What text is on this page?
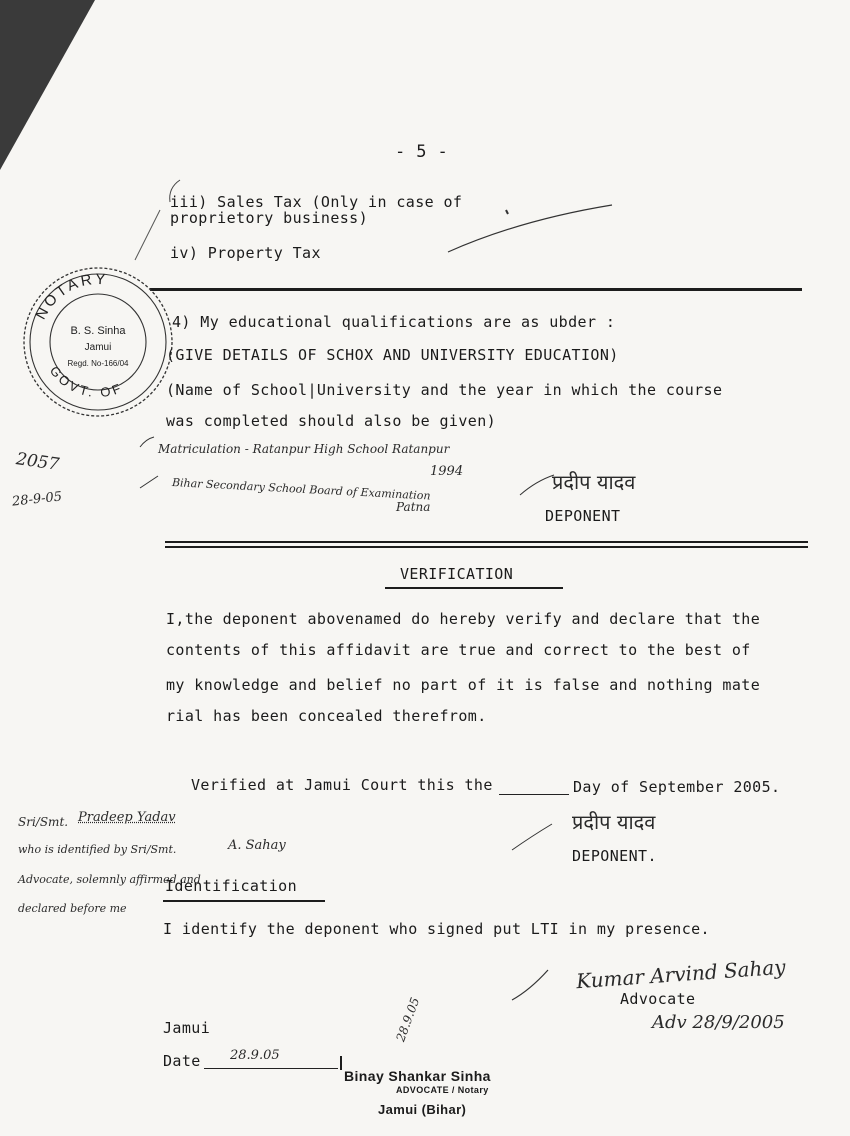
- 5 -
iii) Sales Tax (Only in case of
proprietory business)
iv) Property Tax
NOTARY
GOVT. OF
B. S. Sinha
Jamui
Regd. No-166/04
4) My educational qualifications are as ubder :
(GIVE DETAILS OF SCHOX AND UNIVERSITY EDUCATION)
(Name of School|University and the year in which the course
was completed should also be given)
Matriculation - Ratanpur High School Ratanpur
Bihar Secondary School Board of Examination
1994
Patna
2057
28-9-05
प्रदीप यादव
DEPONENT
VERIFICATION
I,the deponent abovenamed do hereby verify and declare that the
contents of this affidavit are true and correct to the best of
my knowledge and belief no part of it is false and nothing mate
rial has been concealed therefrom.
Verified at Jamui Court this the	Day of September 2005.
Sri/Smt. Pradeep Yadav
who is identified by Sri/Smt.	A. Sahay
Advocate, solemnly affirmed and
declared before me
प्रदीप यादव
DEPONENT.
Identification
I identify the deponent who signed put LTI in my presence.
Kumar Arvind Sahay
Advocate
Adv 28/9/2005
Jamui
Date 28.9.05
28.9.05
Binay Shankar Sinha
ADVOCATE / Notary
Jamui (Bihar)
